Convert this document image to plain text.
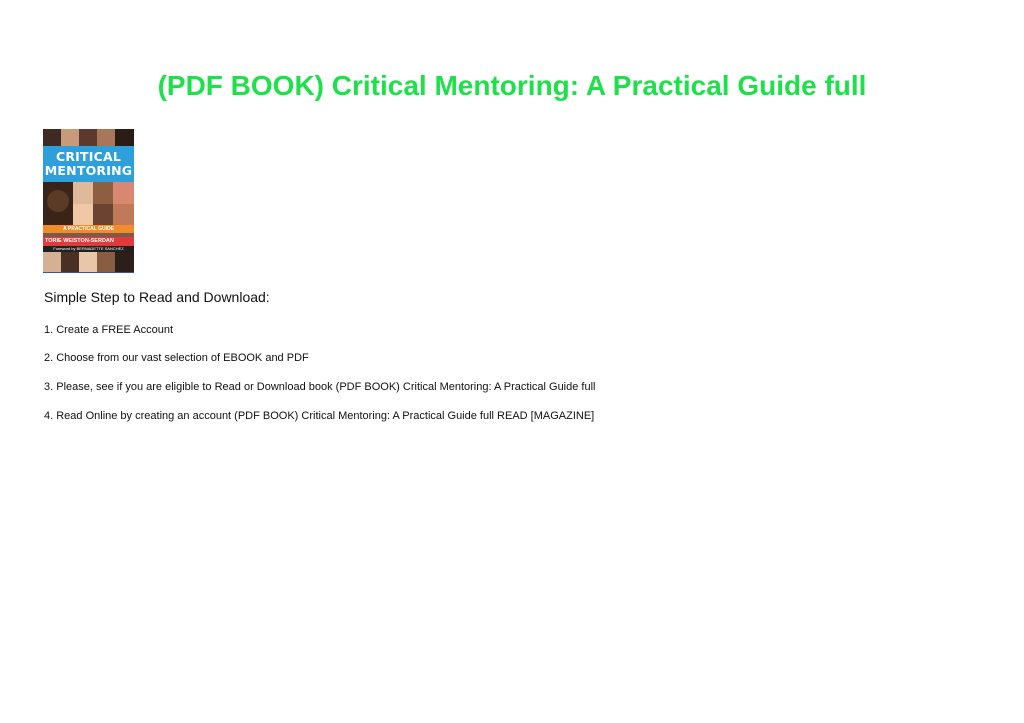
(PDF BOOK) Critical Mentoring: A Practical Guide full
CRITICAL
MENTORING
A PRACTICAL GUIDE
TORIE WEISTON-SERDAN
Foreword by BERNADETTE SANCHEZ

Simple Step to Read and Download:

1. Create a FREE Account

2. Choose from our vast selection of EBOOK and PDF

3. Please, see if you are eligible to Read or Download book (PDF BOOK) Critical Mentoring: A Practical Guide full

4. Read Online by creating an account (PDF BOOK) Critical Mentoring: A Practical Guide full READ [MAGAZINE]
